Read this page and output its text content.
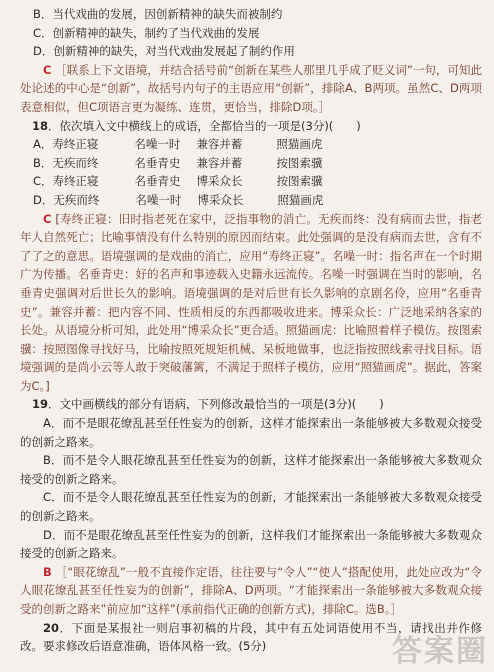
B．当代戏曲的发展，因创新精神的缺失而被制约

C．创新精神的缺失，制约了当代戏曲的发展

D．创新精神的缺失，对当代戏曲发展起了制约作用

C ［联系上下文语境，并结合括号前“创新在某些人那里几乎成了贬义词”一句，可知此处论述的中心是“创新”，故括号内句子的主语应用“创新”，排除A、B两项。虽然C、D两项表意相似，但C项语言更为凝练、连贯，更恰当，排除D项。］

18．依次填入文中横线上的成语，全都恰当的一项是(3分)(　　)

A． 寿终正寝	名噪一时	兼容并蓄	照猫画虎
B． 无疾而终	名垂青史	兼容并蓄	按图索骥
C． 寿终正寝	名垂青史	博采众长	按图索骥
D． 无疾而终	名噪一时	博采众长	照猫画虎

C [寿终正寝：旧时指老死在家中，泛指事物的消亡。无疾而终：没有病而去世，指老年人自然死亡；比喻事情没有什么特别的原因而结束。此处强调的是没有病而去世，含有不了了之的意思。语境强调的是戏曲的消亡，应用“寿终正寝”。名噪一时：指名声在一个时期广为传播。名垂青史：好的名声和事迹载入史籍永远流传。名噪一时强调在当时的影响，名垂青史强调对后世长久的影响。语境强调的是对后世有长久影响的京剧名伶，应用“名垂青史”。兼容并蓄：把内容不同、性质相反的东西都吸收进来。博采众长：广泛地采纳各家的长处。从语境分析可知，此处用“博采众长”更合适。照猫画虎：比喻照着样子模仿。按图索骥：按照图像寻找好马，比喻按照死规矩机械、呆板地做事，也泛指按照线索寻找目标。语境强调的是尚小云等人敢于突破藩篱，不满足于照样子模仿，应用“照猫画虎”。据此，答案为C。]

19．文中画横线的部分有语病，下列修改最恰当的一项是(3分)(　　)

A．而不是眼花缭乱甚至任性妄为的创新，这样才能探索出一条能够被大多数观众接受的创新之路来。

B．而不是令人眼花缭乱甚至任性妄为的创新，这样才能探索出一条能够被大多数观众接受的创新之路来。

C．而不是令人眼花缭乱甚至任性妄为的创新，才能探索出一条能够被大多数观众接受的创新之路来。

D．而不是眼花缭乱甚至任性妄为的创新，这样我们才能探索出一条能够被大多数观众接受的创新之路来。

B ［“眼花缭乱”一般不直接作定语，往往要与“令人”“使人”搭配使用，此处应改为“令人眼花缭乱甚至任性妄为的创新”，排除A、D两项。“才能探索出一条能够被大多数观众接受的创新之路来”前应加“这样”(承前指代正确的创新方式)，排除C。选B。］

20．下面是某报社一则启事初稿的片段，其中有五处词语使用不当，请找出并作修改。要求修改后语意准确，语体风格一致。(5分)	答案圈
